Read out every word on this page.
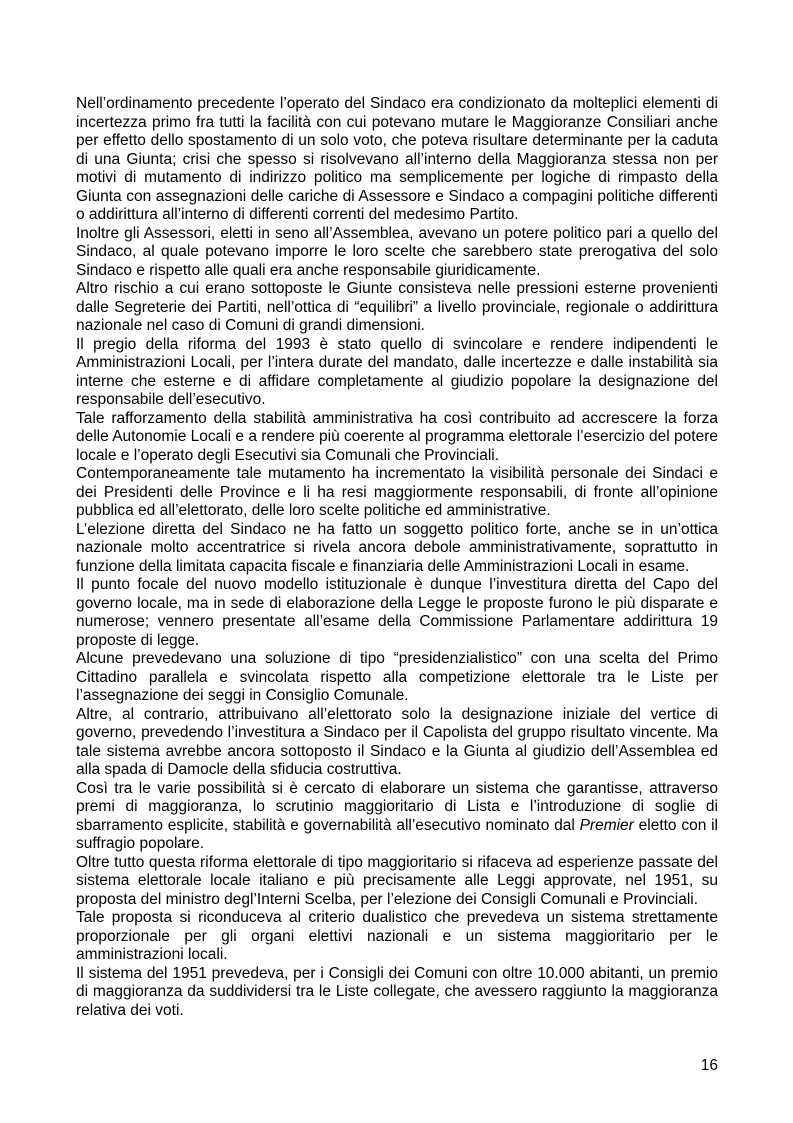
Nell’ordinamento precedente l’operato del Sindaco era condizionato da molteplici elementi di incertezza primo fra tutti la facilità con cui potevano mutare le Maggioranze Consiliari anche per effetto dello spostamento di un solo voto, che poteva risultare determinante per la caduta di una Giunta; crisi che spesso si risolvevano all’interno della Maggioranza stessa non per motivi di mutamento di indirizzo politico ma semplicemente per logiche di rimpasto della Giunta con assegnazioni delle cariche di Assessore e Sindaco a compagini politiche differenti o addirittura all’interno di differenti correnti del medesimo Partito.

Inoltre gli Assessori, eletti in seno all’Assemblea, avevano un potere politico pari a quello del Sindaco, al quale potevano imporre le loro scelte che sarebbero state prerogativa del solo Sindaco e rispetto alle quali era anche responsabile giuridicamente.

Altro rischio a cui erano sottoposte le Giunte consisteva nelle pressioni esterne provenienti dalle Segreterie dei Partiti, nell’ottica di “equilibri” a livello provinciale, regionale o addirittura nazionale nel caso di Comuni di grandi dimensioni.

Il pregio della riforma del 1993 è stato quello di svincolare e rendere indipendenti le Amministrazioni Locali, per l’intera durate del mandato, dalle incertezze e dalle instabilità sia interne che esterne e di affidare completamente al giudizio popolare la designazione del responsabile dell’esecutivo.

Tale rafforzamento della stabilità amministrativa ha così contribuito ad accrescere la forza delle Autonomie Locali e a rendere più coerente al programma elettorale l’esercizio del potere locale e l’operato degli Esecutivi sia Comunali che Provinciali.

Contemporaneamente tale mutamento ha incrementato la visibilità personale dei Sindaci e dei Presidenti delle Province e li ha resi maggiormente responsabili, di fronte all’opinione pubblica ed all’elettorato, delle loro scelte politiche ed amministrative.

L’elezione diretta del Sindaco ne ha fatto un soggetto politico forte, anche se in un’ottica nazionale molto accentratrice si rivela ancora debole amministrativamente, soprattutto in funzione della limitata capacita fiscale e finanziaria delle Amministrazioni Locali in esame.

Il punto focale del nuovo modello istituzionale è dunque l’investitura diretta del Capo del governo locale, ma in sede di elaborazione della Legge le proposte furono le più disparate e numerose; vennero presentate all’esame della Commissione Parlamentare addirittura 19 proposte di legge.

Alcune prevedevano una soluzione di tipo “presidenzialistico” con una scelta del Primo Cittadino parallela e svincolata rispetto alla competizione elettorale tra le Liste per l’assegnazione dei seggi in Consiglio Comunale.

Altre, al contrario, attribuivano all’elettorato solo la designazione iniziale del vertice di governo, prevedendo l’investitura a Sindaco per il Capolista del gruppo risultato vincente. Ma tale sistema avrebbe ancora sottoposto il Sindaco e la Giunta al giudizio dell’Assemblea ed alla spada di Damocle della sfiducia costruttiva.

Così tra le varie possibilità si è cercato di elaborare un sistema che garantisse, attraverso premi di maggioranza, lo scrutinio maggioritario di Lista e l’introduzione di soglie di sbarramento esplicite, stabilità e governabilità all’esecutivo nominato dal Premier eletto con il suffragio popolare.

Oltre tutto questa riforma elettorale di tipo maggioritario si rifaceva ad esperienze passate del sistema elettorale locale italiano e più precisamente alle Leggi approvate, nel 1951, su proposta del ministro degl’Interni Scelba, per l’elezione dei Consigli Comunali e Provinciali.

Tale proposta si riconduceva al criterio dualistico che prevedeva un sistema strettamente proporzionale per gli organi elettivi nazionali e un sistema maggioritario per le amministrazioni locali.

Il sistema del 1951 prevedeva, per i Consigli dei Comuni con oltre 10.000 abitanti, un premio di maggioranza da suddividersi tra le Liste collegate, che avessero raggiunto la maggioranza relativa dei voti.

16
